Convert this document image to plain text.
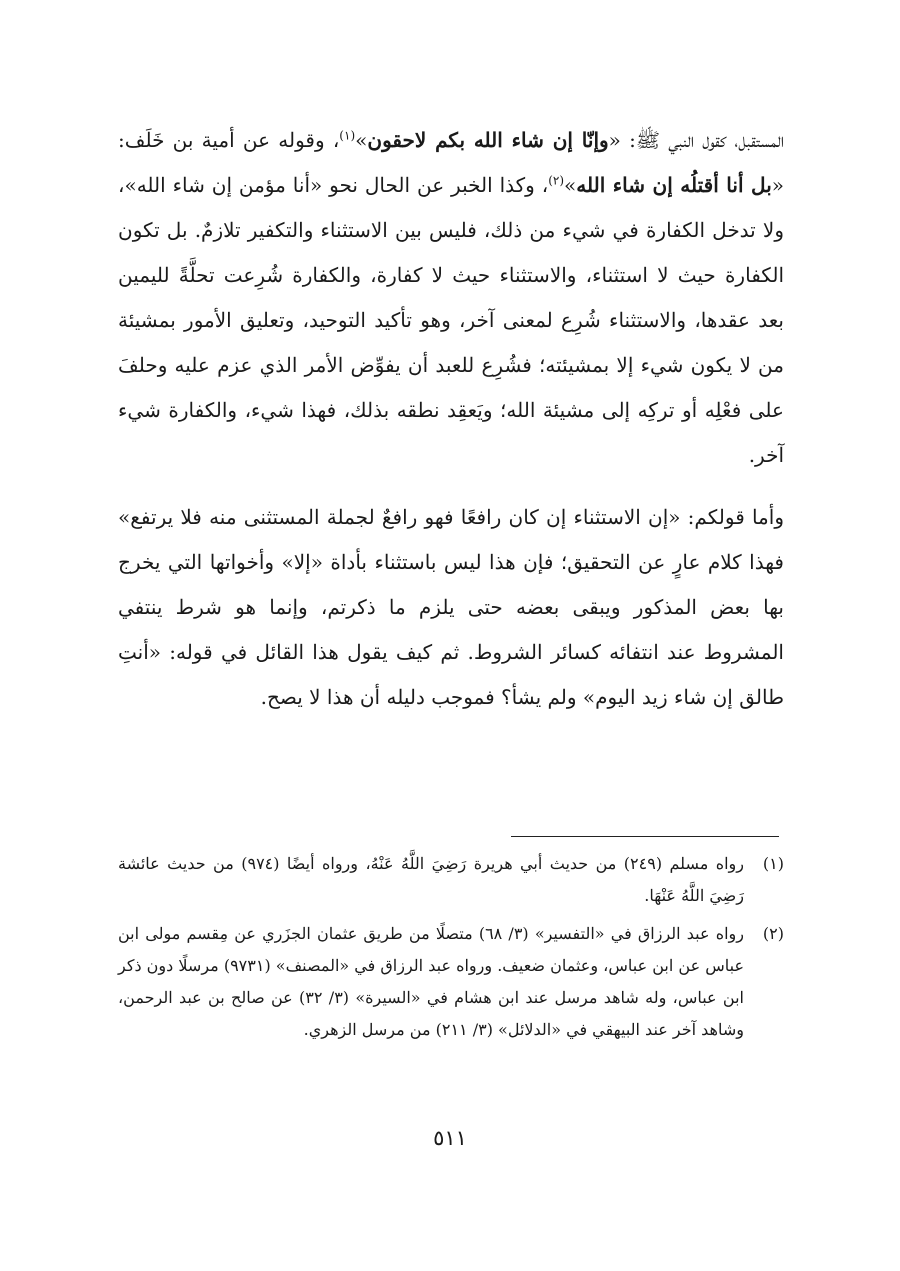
المستقبل، كقول النبي ﷺ: «وإنّا إن شاء الله بكم لاحقون»$^{(١)}$، وقوله عن أمية بن خَلَف: «بل أنا أقتلُه إن شاء الله»$^{(٢)}$، وكذا الخبر عن الحال نحو «أنا مؤمن إن شاء الله»، ولا تدخل الكفارة في شيء من ذلك، فليس بين الاستثناء والتكفير تلازمٌ. بل تكون الكفارة حيث لا استثناء، والاستثناء حيث لا كفارة، والكفارة شُرِعت تحلَّةً لليمين بعد عقدها، والاستثناء شُرِع لمعنى آخر، وهو تأكيد التوحيد، وتعليق الأمور بمشيئة من لا يكون شيء إلا بمشيئته؛ فشُرِع للعبد أن يفوِّض الأمر الذي عزم عليه وحلفَ على فعْلِه أو تركِه إلى مشيئة الله؛ ويَعقِد نطقه بذلك، فهذا شيء، والكفارة شيء آخر.

وأما قولكم: «إن الاستثناء إن كان رافعًا فهو رافعٌ لجملة المستثنى منه فلا يرتفع» فهذا كلام عارٍ عن التحقيق؛ فإن هذا ليس باستثناء بأداة «إلا» وأخواتها التي يخرج بها بعض المذكور ويبقى بعضه حتى يلزم ما ذكرتم، وإنما هو شرط ينتفي المشروط عند انتفائه كسائر الشروط. ثم كيف يقول هذا القائل في قوله: «أنتِ طالق إن شاء زيد اليوم» ولم يشأ؟ فموجب دليله أن هذا لا يصح.

(١)
رواه مسلم (٢٤٩) من حديث أبي هريرة رَضِيَ اللَّهُ عَنْهُ، ورواه أيضًا (٩٧٤) من حديث عائشة رَضِيَ اللَّهُ عَنْهَا.
(٢)
رواه عبد الرزاق في «التفسير» (٣/ ٦٨) متصلًا من طريق عثمان الجزَري عن مِقسم مولى ابن عباس عن ابن عباس، وعثمان ضعيف. ورواه عبد الرزاق في «المصنف» (٩٧٣١) مرسلًا دون ذكر ابن عباس، وله شاهد مرسل عند ابن هشام في «السيرة» (٣/ ٣٢) عن صالح بن عبد الرحمن، وشاهد آخر عند البيهقي في «الدلائل» (٣/ ٢١١) من مرسل الزهري.
٥١١
